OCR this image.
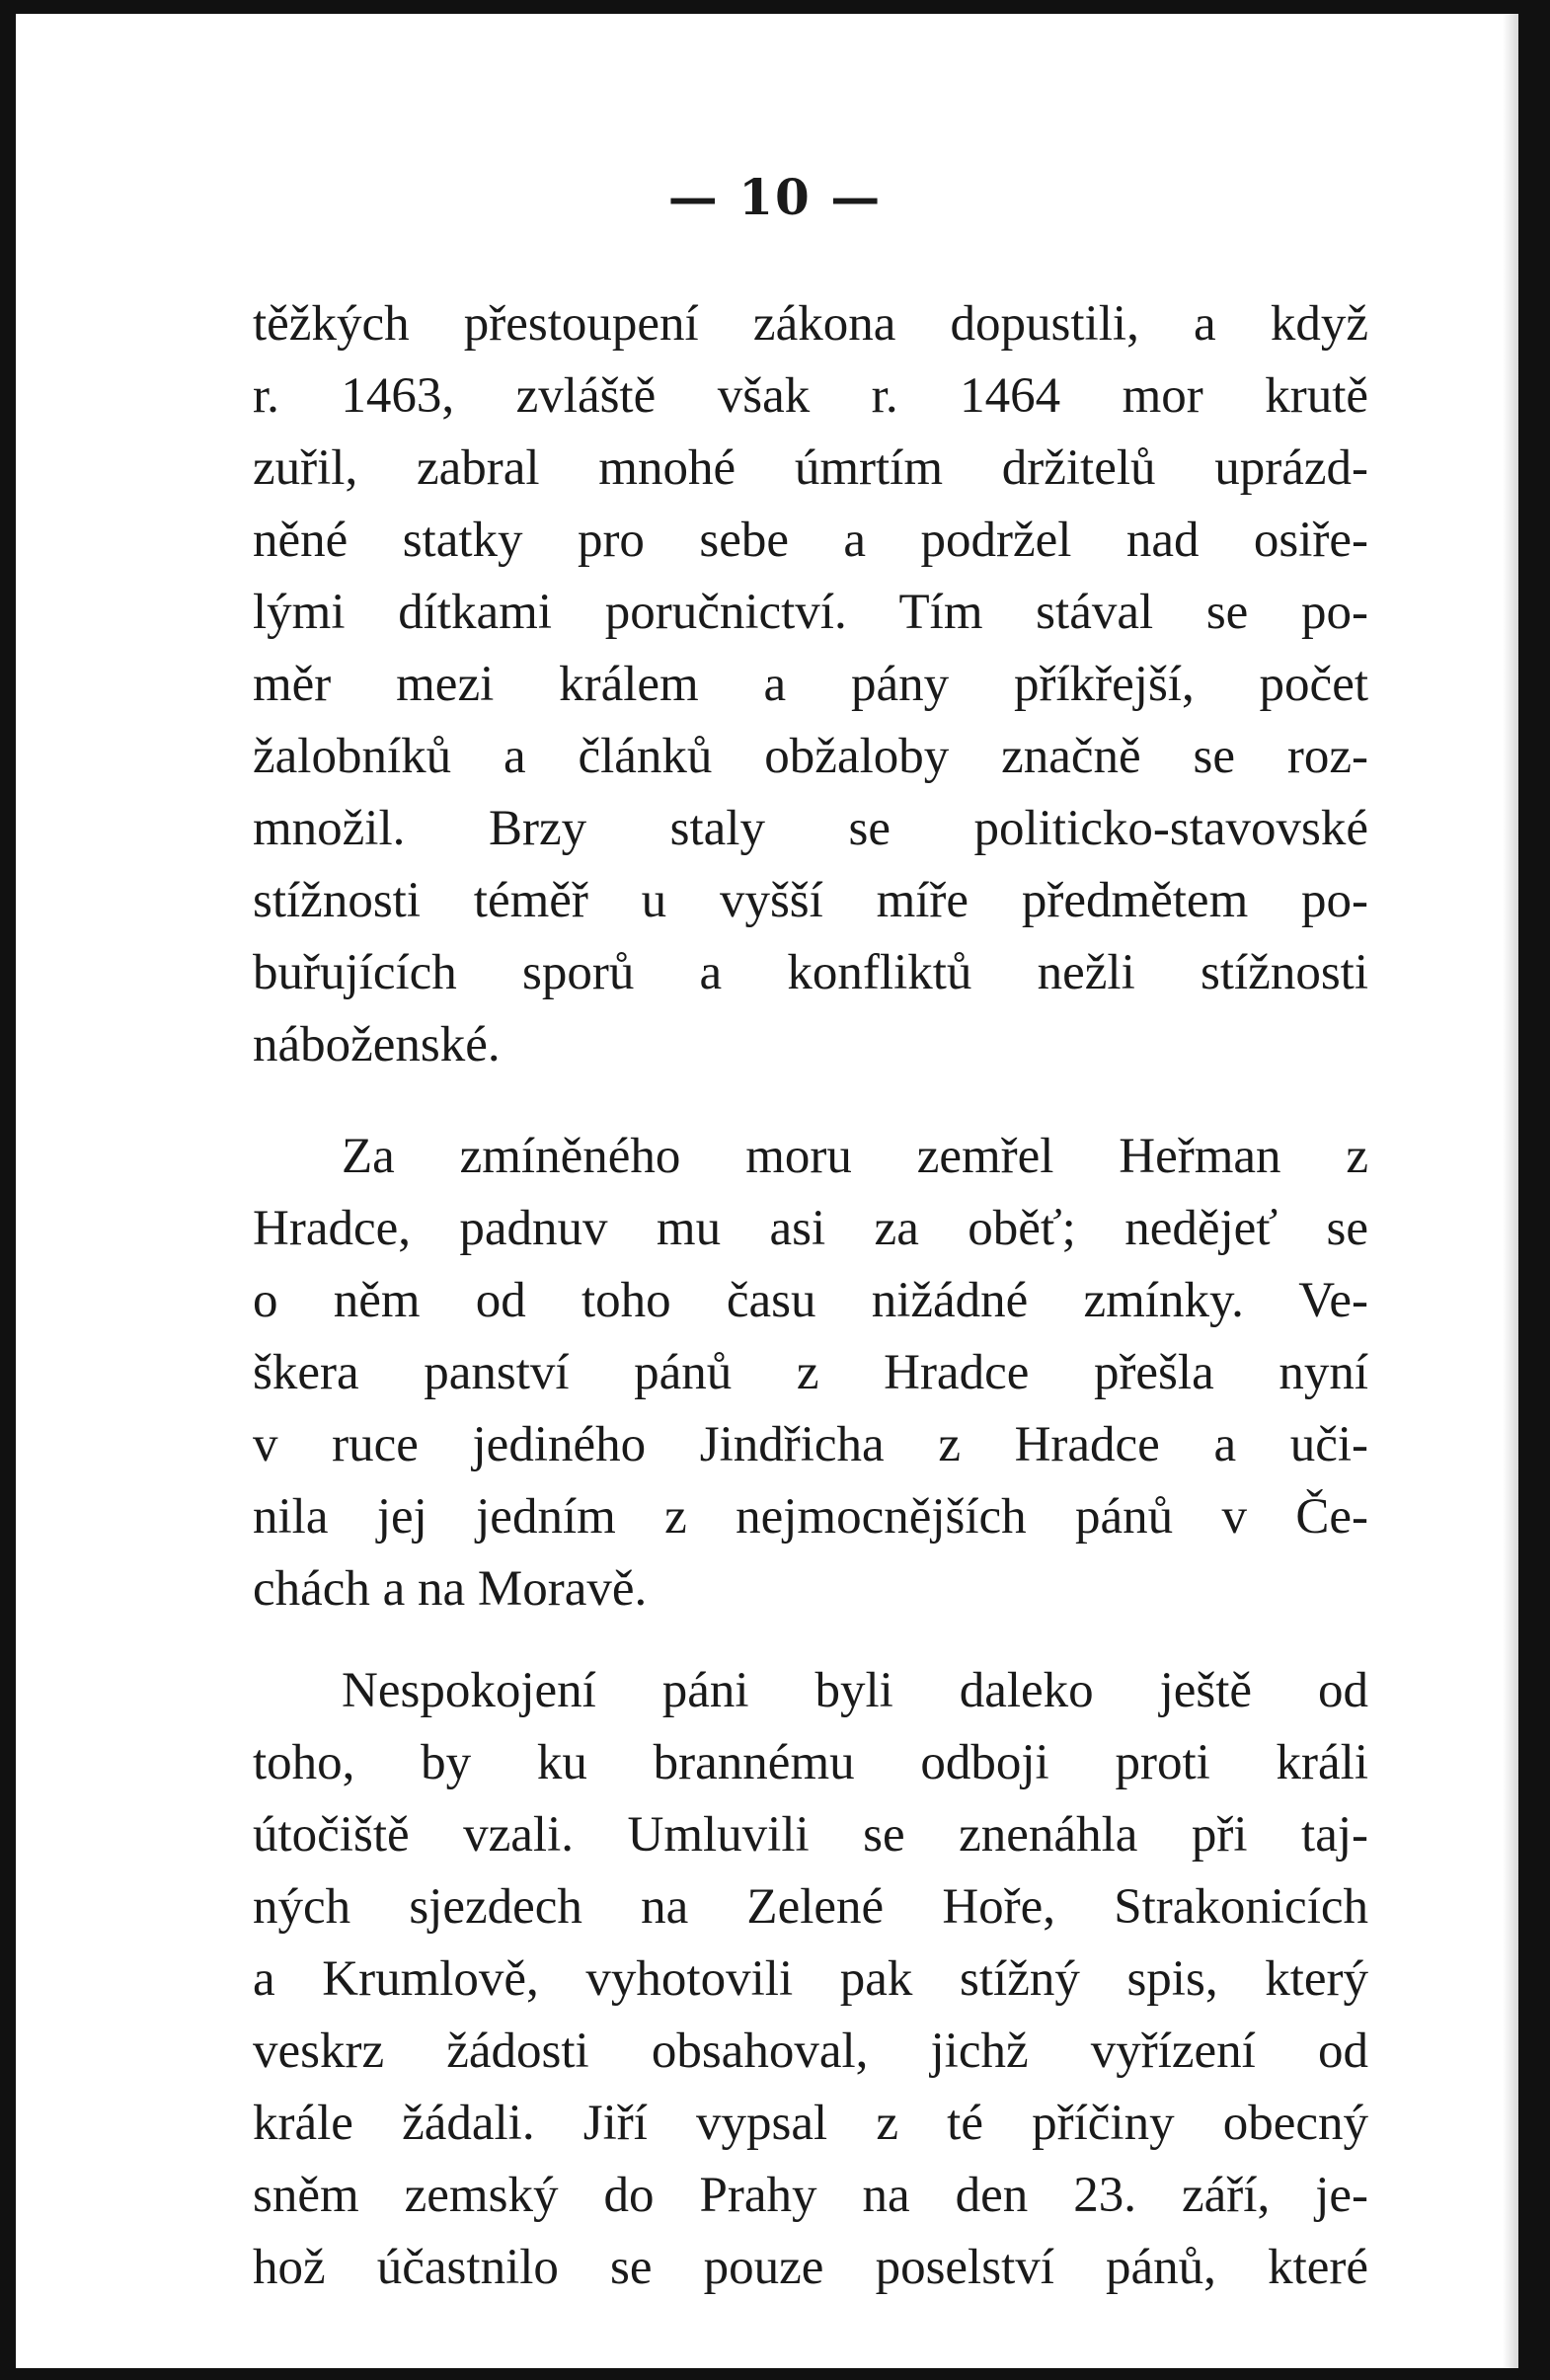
— 10 —
těžkých přestoupení zákona dopustili, a když
r. 1463, zvláště však r. 1464 mor krutě
zuřil, zabral mnohé úmrtím držitelů uprázd-
něné statky pro sebe a podržel nad osiře-
lými dítkami poručnictví. Tím stával se po-
měr mezi králem a pány příkřejší, počet
žalobníků a článků obžaloby značně se roz-
množil. Brzy staly se politicko-stavovské
stížnosti téměř u vyšší míře předmětem po-
buřujících sporů a konfliktů nežli stížnosti
náboženské.
Za zmíněného moru zemřel Heřman z
Hradce, padnuv mu asi za oběť; nedějeť se
o něm od toho času nižádné zmínky. Ve-
škera panství pánů z Hradce přešla nyní
v ruce jediného Jindřicha z Hradce a uči-
nila jej jedním z nejmocnějších pánů v Če-
chách a na Moravě.
Nespokojení páni byli daleko ještě od
toho, by ku brannému odboji proti králi
útočiště vzali. Umluvili se znenáhla při taj-
ných sjezdech na Zelené Hoře, Strakonicích
a Krumlově, vyhotovili pak stížný spis, který
veskrz žádosti obsahoval, jichž vyřízení od
krále žádali. Jiří vypsal z té příčiny obecný
sněm zemský do Prahy na den 23. září, je-
hož účastnilo se pouze poselství pánů, které
